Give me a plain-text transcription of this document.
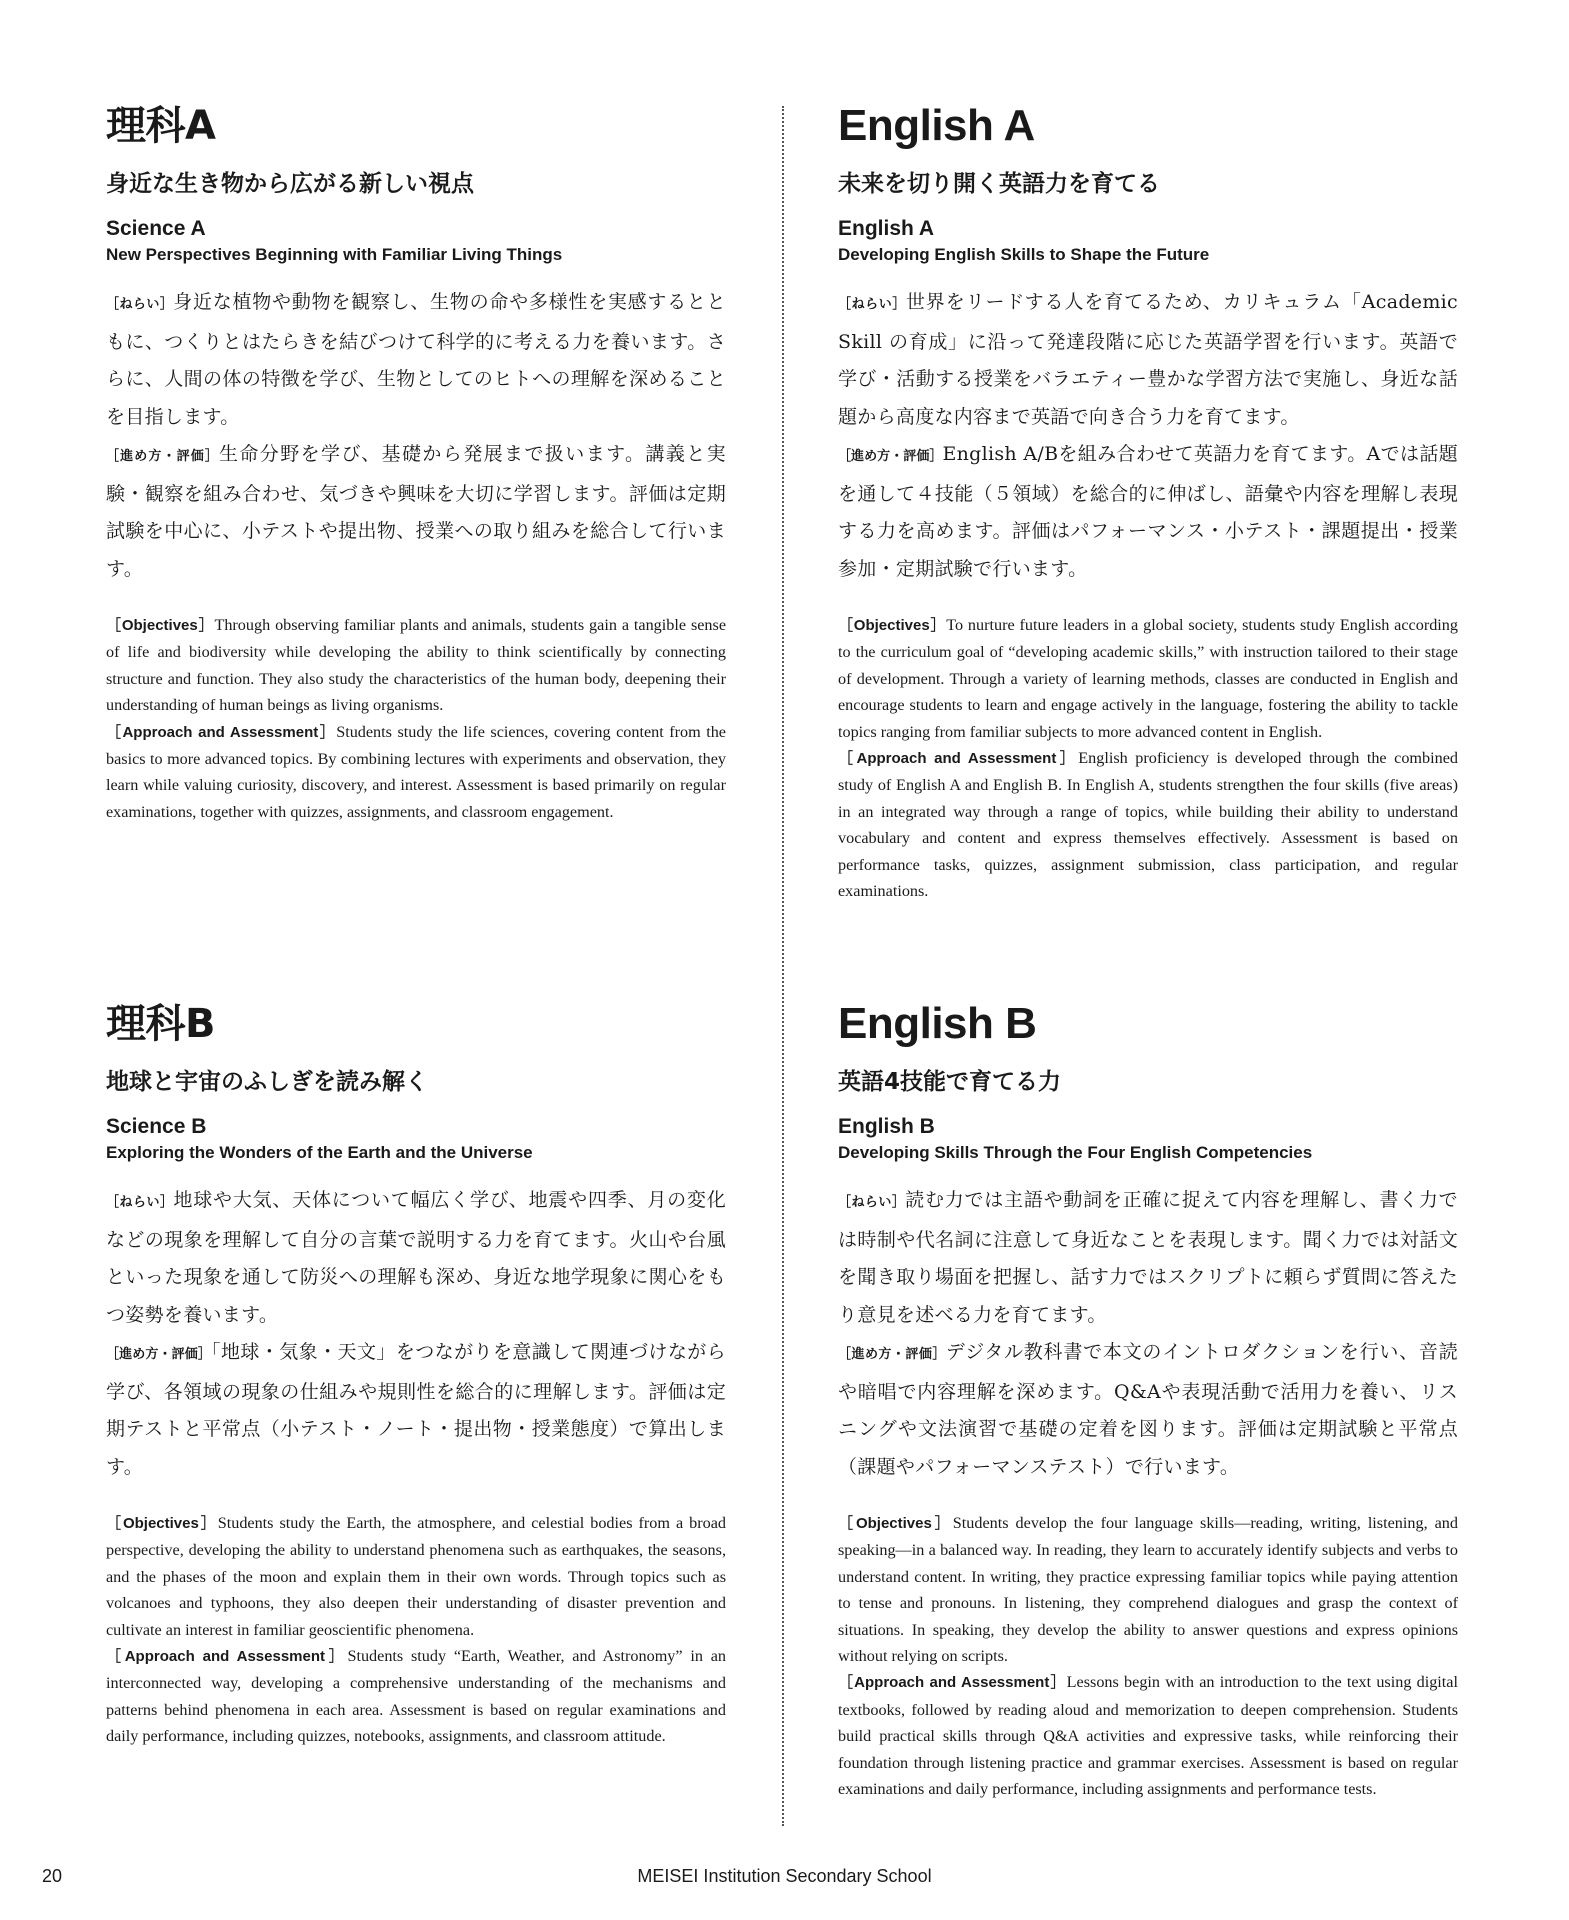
理科A
身近な生き物から広がる新しい視点
Science A
New Perspectives Beginning with Familiar Living Things

［ねらい］身近な植物や動物を観察し、生物の命や多様性を実感するとともに、つくりとはたらきを結びつけて科学的に考える力を養います。さらに、人間の体の特徴を学び、生物としてのヒトへの理解を深めることを目指します。

［進め方・評価］生命分野を学び、基礎から発展まで扱います。講義と実験・観察を組み合わせ、気づきや興味を大切に学習します。評価は定期試験を中心に、小テストや提出物、授業への取り組みを総合して行います。

［Objectives］Through observing familiar plants and animals, students gain a tangible sense of life and biodiversity while developing the ability to think scientifically by connecting structure and function. They also study the characteristics of the human body, deepening their understanding of human beings as living organisms.

［Approach and Assessment］Students study the life sciences, covering content from the basics to more advanced topics. By combining lectures with experiments and observation, they learn while valuing curiosity, discovery, and interest. Assessment is based primarily on regular examinations, together with quizzes, assignments, and classroom engagement.

English A
未来を切り開く英語力を育てる
English A
Developing English Skills to Shape the Future

［ねらい］世界をリードする人を育てるため、カリキュラム「Academic Skill の育成」に沿って発達段階に応じた英語学習を行います。英語で学び・活動する授業をバラエティー豊かな学習方法で実施し、身近な話題から高度な内容まで英語で向き合う力を育てます。

［進め方・評価］English A/Bを組み合わせて英語力を育てます。Aでは話題を通して４技能（５領域）を総合的に伸ばし、語彙や内容を理解し表現する力を高めます。評価はパフォーマンス・小テスト・課題提出・授業参加・定期試験で行います。

［Objectives］To nurture future leaders in a global society, students study English according to the curriculum goal of “developing academic skills,” with instruction tailored to their stage of development. Through a variety of learning methods, classes are conducted in English and encourage students to learn and engage actively in the language, fostering the ability to tackle topics ranging from familiar subjects to more advanced content in English.

［Approach and Assessment］English proficiency is developed through the combined study of English A and English B. In English A, students strengthen the four skills (five areas) in an integrated way through a range of topics, while building their ability to understand vocabulary and content and express themselves effectively. Assessment is based on performance tasks, quizzes, assignment submission, class participation, and regular examinations.

理科B
地球と宇宙のふしぎを読み解く
Science B
Exploring the Wonders of the Earth and the Universe

［ねらい］地球や大気、天体について幅広く学び、地震や四季、月の変化などの現象を理解して自分の言葉で説明する力を育てます。火山や台風といった現象を通して防災への理解も深め、身近な地学現象に関心をもつ姿勢を養います。

［進め方・評価］「地球・気象・天文」をつながりを意識して関連づけながら学び、各領域の現象の仕組みや規則性を総合的に理解します。評価は定期テストと平常点（小テスト・ノート・提出物・授業態度）で算出します。

［Objectives］Students study the Earth, the atmosphere, and celestial bodies from a broad perspective, developing the ability to understand phenomena such as earthquakes, the seasons, and the phases of the moon and explain them in their own words. Through topics such as volcanoes and typhoons, they also deepen their understanding of disaster prevention and cultivate an interest in familiar geoscientific phenomena.

［Approach and Assessment］Students study “Earth, Weather, and Astronomy” in an interconnected way, developing a comprehensive understanding of the mechanisms and patterns behind phenomena in each area. Assessment is based on regular examinations and daily performance, including quizzes, notebooks, assignments, and classroom attitude.

English B
英語4技能で育てる力
English B
Developing Skills Through the Four English Competencies

［ねらい］読む力では主語や動詞を正確に捉えて内容を理解し、書く力では時制や代名詞に注意して身近なことを表現します。聞く力では対話文を聞き取り場面を把握し、話す力ではスクリプトに頼らず質問に答えたり意見を述べる力を育てます。

［進め方・評価］デジタル教科書で本文のイントロダクションを行い、音読や暗唱で内容理解を深めます。Q&Aや表現活動で活用力を養い、リスニングや文法演習で基礎の定着を図ります。評価は定期試験と平常点（課題やパフォーマンステスト）で行います。

［Objectives］Students develop the four language skills—reading, writing, listening, and speaking—in a balanced way. In reading, they learn to accurately identify subjects and verbs to understand content. In writing, they practice expressing familiar topics while paying attention to tense and pronouns. In listening, they comprehend dialogues and grasp the context of situations. In speaking, they develop the ability to answer questions and express opinions without relying on scripts.

［Approach and Assessment］Lessons begin with an introduction to the text using digital textbooks, followed by reading aloud and memorization to deepen comprehension. Students build practical skills through Q&A activities and expressive tasks, while reinforcing their foundation through listening practice and grammar exercises. Assessment is based on regular examinations and daily performance, including assignments and performance tests.

20	MEISEI Institution Secondary School
